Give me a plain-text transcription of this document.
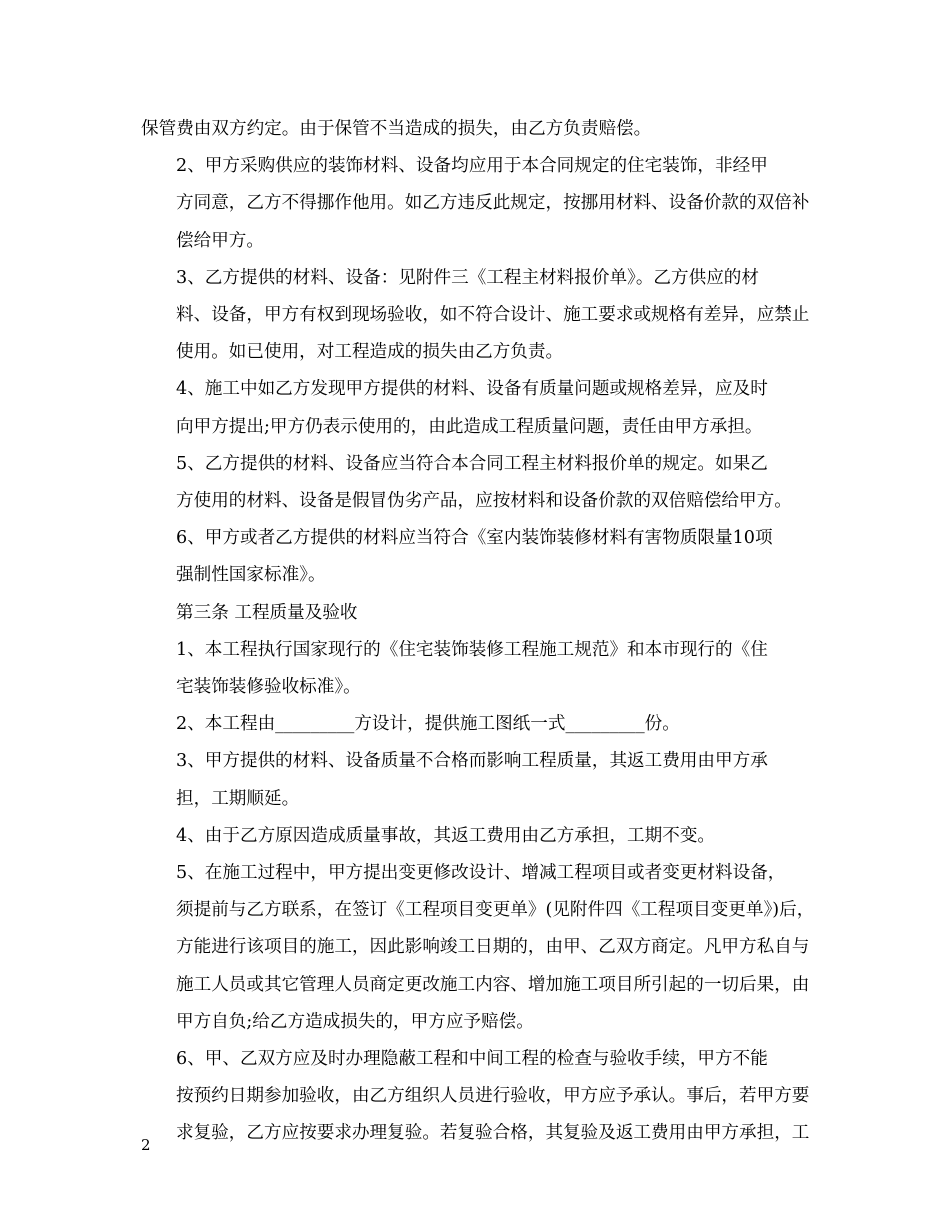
保管费由双方约定。由于保管不当造成的损失，由乙方负责赔偿。

2、甲方采购供应的装饰材料、设备均应用于本合同规定的住宅装饰，非经甲
方同意，乙方不得挪作他用。如乙方违反此规定，按挪用材料、设备价款的双倍补
偿给甲方。

3、乙方提供的材料、设备：见附件三《工程主材料报价单》。乙方供应的材
料、设备，甲方有权到现场验收，如不符合设计、施工要求或规格有差异，应禁止
使用。如已使用，对工程造成的损失由乙方负责。

4、施工中如乙方发现甲方提供的材料、设备有质量问题或规格差异，应及时
向甲方提出;甲方仍表示使用的，由此造成工程质量问题，责任由甲方承担。

5、乙方提供的材料、设备应当符合本合同工程主材料报价单的规定。如果乙
方使用的材料、设备是假冒伪劣产品，应按材料和设备价款的双倍赔偿给甲方。

6、甲方或者乙方提供的材料应当符合《室内装饰装修材料有害物质限量10项
强制性国家标准》。

第三条 工程质量及验收

1、本工程执行国家现行的《住宅装饰装修工程施工规范》和本市现行的《住
宅装饰装修验收标准》。

2、本工程由_________方设计，提供施工图纸一式_________份。

3、甲方提供的材料、设备质量不合格而影响工程质量，其返工费用由甲方承
担，工期顺延。

4、由于乙方原因造成质量事故，其返工费用由乙方承担，工期不变。

5、在施工过程中，甲方提出变更修改设计、增减工程项目或者变更材料设备，
须提前与乙方联系，在签订《工程项目变更单》(见附件四《工程项目变更单》)后，
方能进行该项目的施工，因此影响竣工日期的，由甲、乙双方商定。凡甲方私自与
施工人员或其它管理人员商定更改施工内容、增加施工项目所引起的一切后果，由
甲方自负;给乙方造成损失的，甲方应予赔偿。

6、甲、乙双方应及时办理隐蔽工程和中间工程的检查与验收手续，甲方不能
按预约日期参加验收，由乙方组织人员进行验收，甲方应予承认。事后，若甲方要
求复验，乙方应按要求办理复验。若复验合格，其复验及返工费用由甲方承担，工

2
